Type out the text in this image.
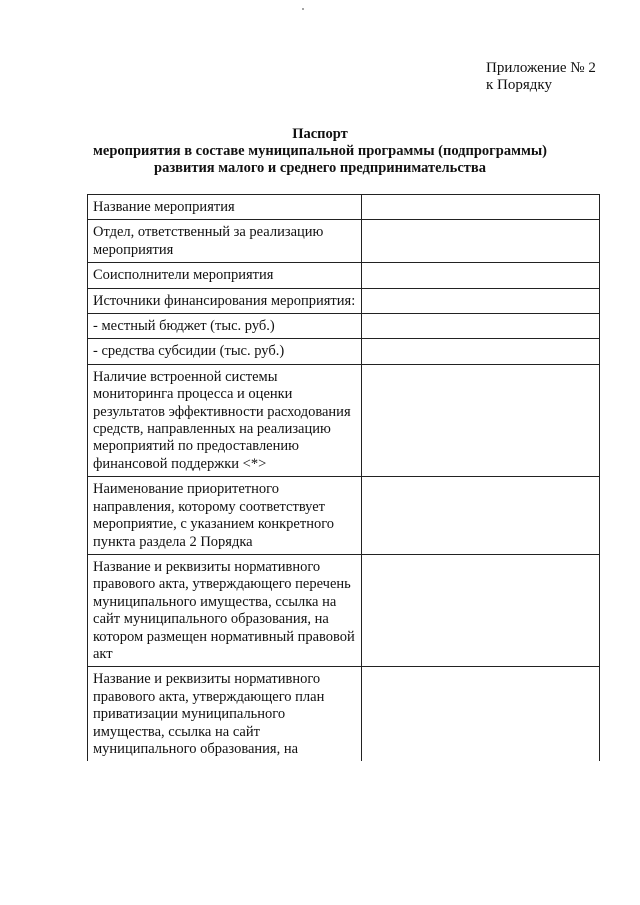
Приложение № 2
к Порядку
Паспорт
мероприятия в составе муниципальной программы (подпрограммы)
развития малого и среднего предпринимательства
Название мероприятия	
Отдел, ответственный за реализацию мероприятия	
Соисполнители мероприятия	
Источники финансирования мероприятия:	
- местный бюджет (тыс. руб.)	
- средства субсидии (тыс. руб.)	
Наличие встроенной системы мониторинга процесса и оценки результатов эффективности расходования средств, направленных на реализацию мероприятий по предоставлению финансовой поддержки <*>	
Наименование приоритетного направления, которому соответствует мероприятие, с указанием конкретного пункта раздела 2 Порядка	
Название и реквизиты нормативного правового акта, утверждающего перечень муниципального имущества, ссылка на сайт муниципального образования, на котором размещен нормативный правовой акт	
Название и реквизиты нормативного правового акта, утверждающего план приватизации муниципального имущества, ссылка на сайт муниципального образования, на	
